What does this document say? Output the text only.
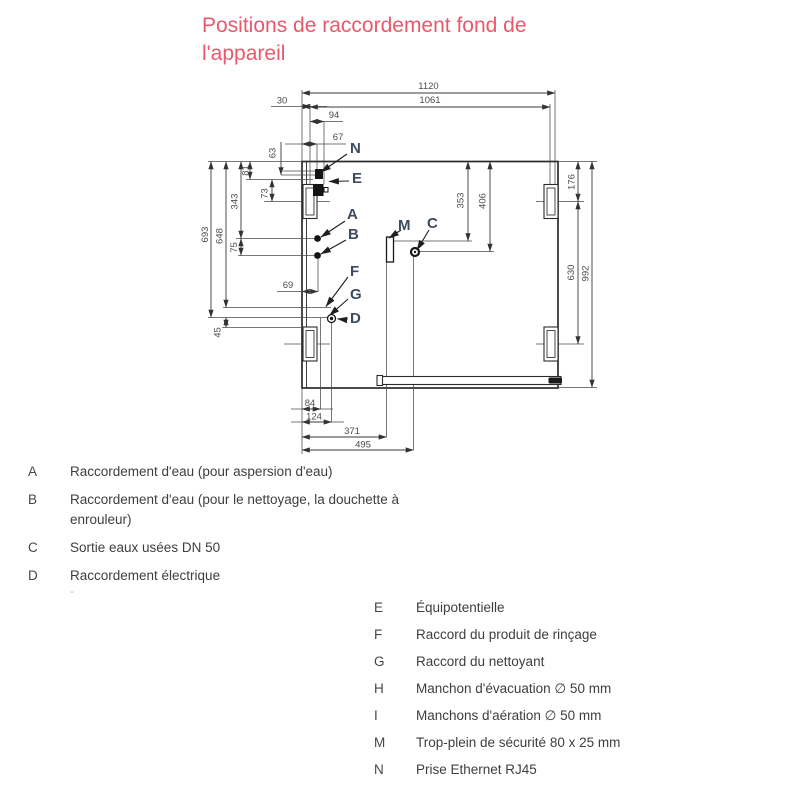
Positions de raccordement fond de l'appareil
1120
1061
30
94
67
69
84
124
371
495
63
81
73
343
75
648
693
45
353 406
176
630 992
N
E
A
B
F
G
D
M C
A	Raccordement d'eau (pour aspersion d'eau)
B	Raccordement d'eau (pour le nettoyage, la douchette à enrouleur)
C	Sortie eaux usées DN 50
D	Raccordement électrique
-
E	Équipotentielle
F	Raccord du produit de rinçage
G	Raccord du nettoyant
H	Manchon d'évacuation ∅ 50 mm
I	Manchons d'aération ∅ 50 mm
M	Trop-plein de sécurité 80 x 25 mm
N	Prise Ethernet RJ45
